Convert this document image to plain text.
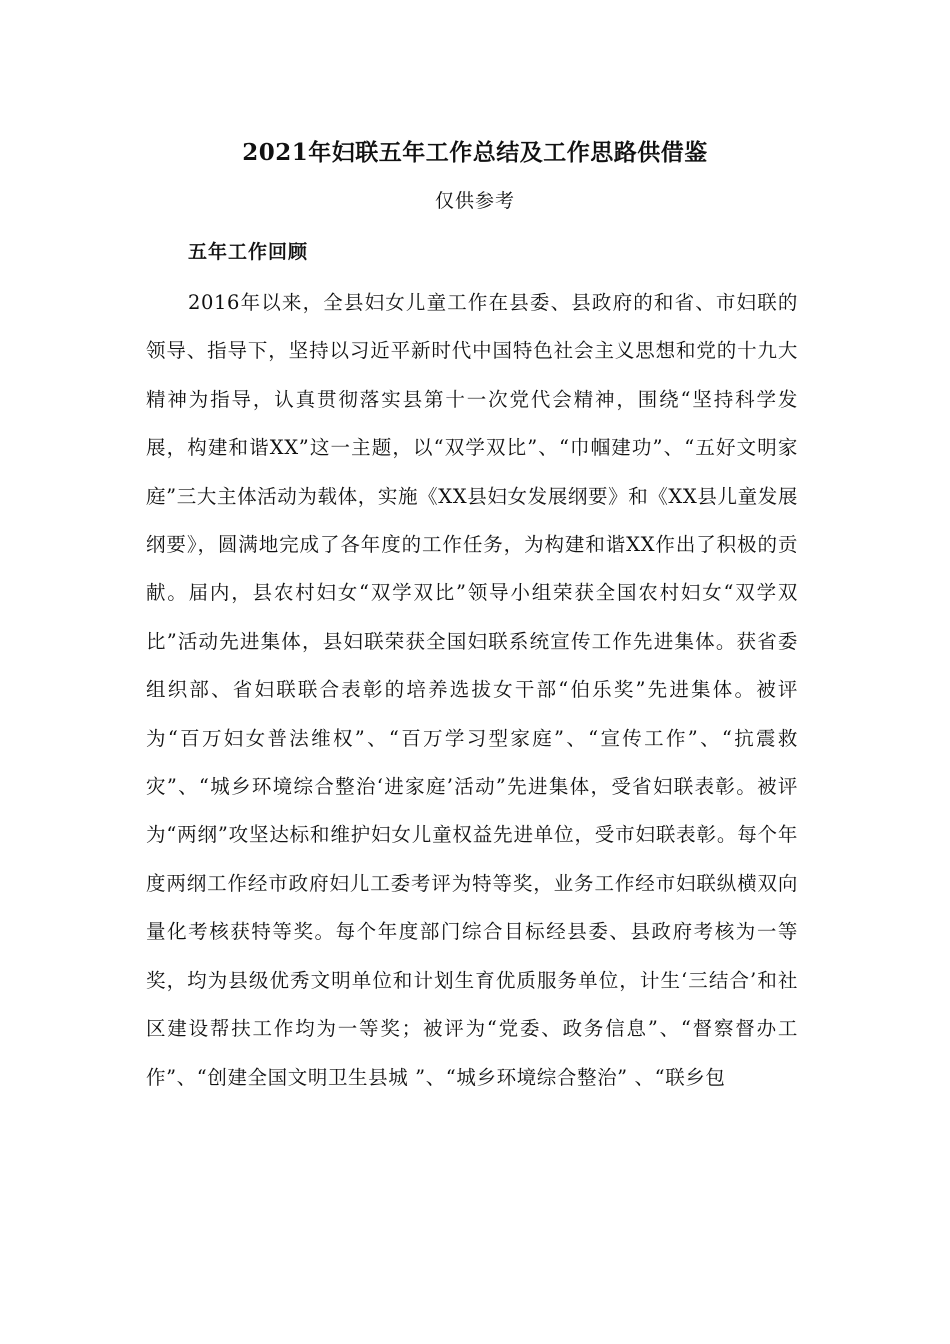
2021年妇联五年工作总结及工作思路供借鉴
仅供参考
五年工作回顾

2016年以来，全县妇女儿童工作在县委、县政府的和省、市妇联的领导、指导下，坚持以习近平新时代中国特色社会主义思想和党的十九大精神为指导，认真贯彻落实县第十一次党代会精神，围绕“坚持科学发展，构建和谐XX”这一主题，以“双学双比”、“巾帼建功”、“五好文明家庭”三大主体活动为载体，实施《XX县妇女发展纲要》和《XX县儿童发展纲要》，圆满地完成了各年度的工作任务，为构建和谐XX作出了积极的贡献。届内，县农村妇女“双学双比”领导小组荣获全国农村妇女“双学双比”活动先进集体，县妇联荣获全国妇联系统宣传工作先进集体。获省委组织部、省妇联联合表彰的培养选拔女干部“伯乐奖”先进集体。被评为“百万妇女普法维权”、“百万学习型家庭”、“宣传工作”、“抗震救灾”、“城乡环境综合整治‘进家庭’活动”先进集体，受省妇联表彰。被评为“两纲”攻坚达标和维护妇女儿童权益先进单位，受市妇联表彰。每个年度两纲工作经市政府妇儿工委考评为特等奖，业务工作经市妇联纵横双向量化考核获特等奖。每个年度部门综合目标经县委、县政府考核为一等奖，均为县级优秀文明单位和计划生育优质服务单位，计生‘三结合’和社区建设帮扶工作均为一等奖；被评为“党委、政务信息”、“督察督办工作”、“创建全国文明卫生县城 ”、“城乡环境综合整治” 、“联乡包
